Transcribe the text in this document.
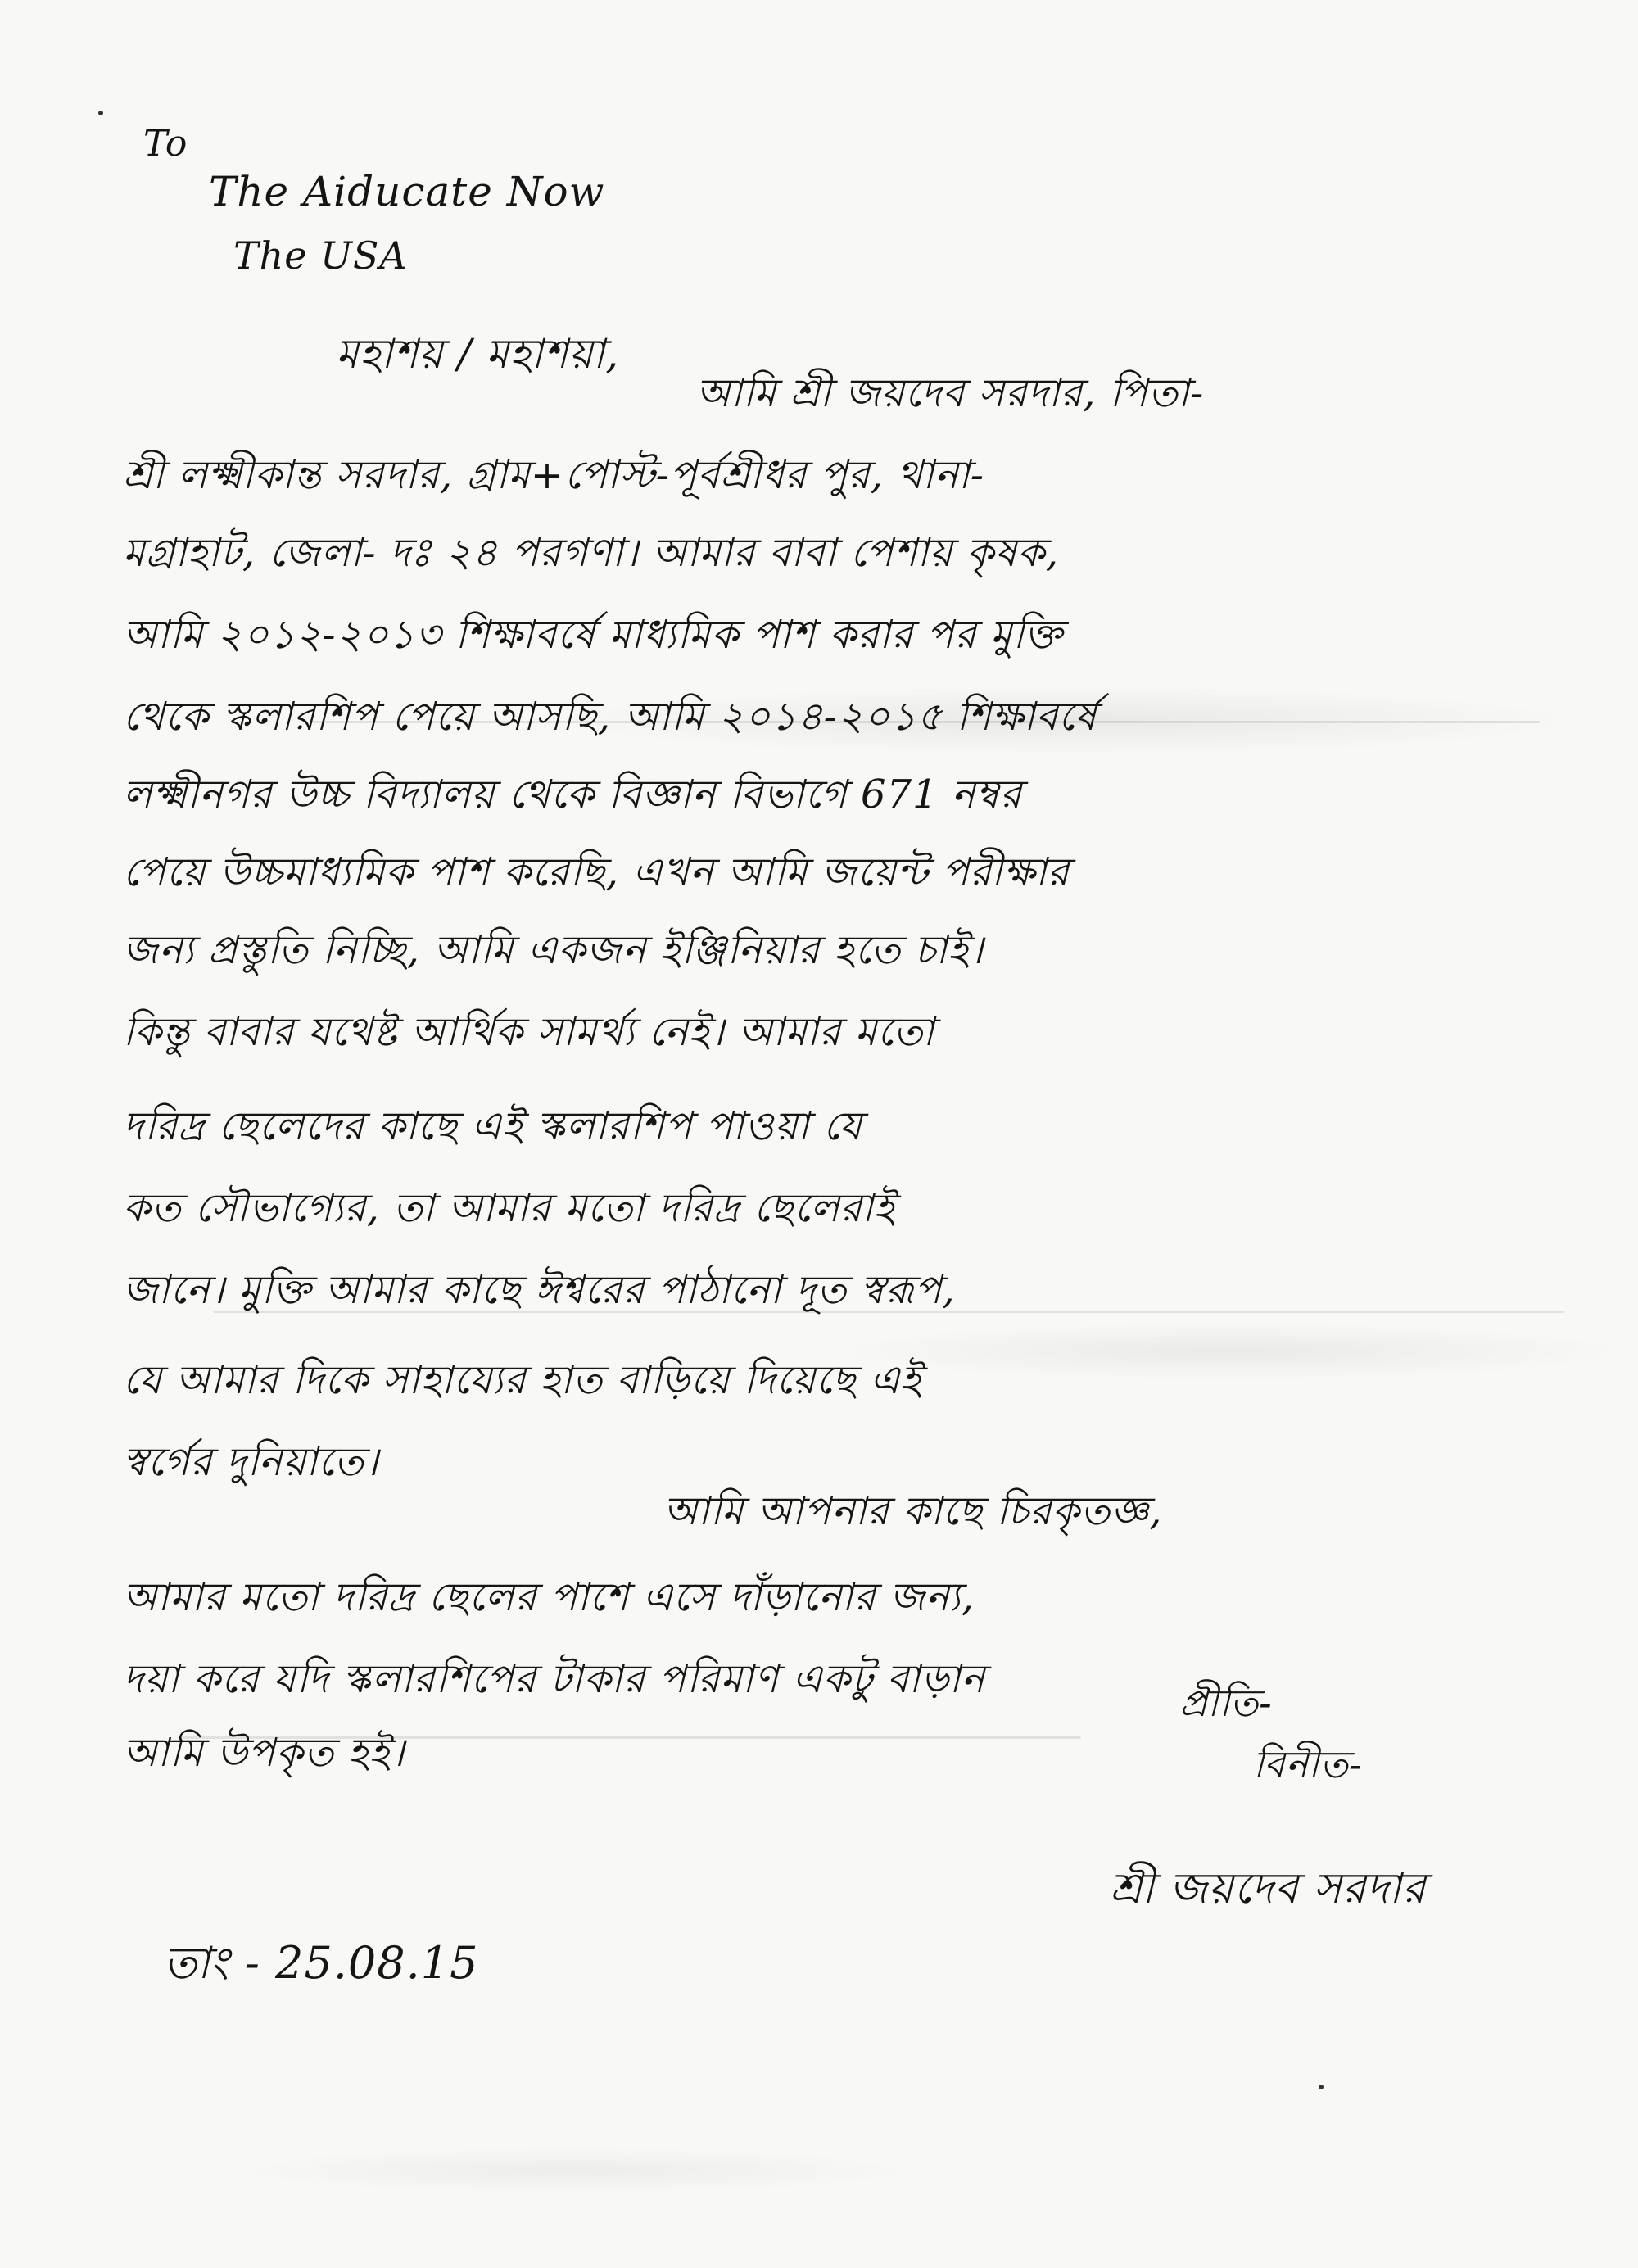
To

The Aiducate Now

The USA

মহাশয় / মহাশয়া,

আমি শ্রী জয়দেব সরদার, পিতা-
শ্রী লক্ষ্মীকান্ত সরদার, গ্রাম+পোস্ট-পূর্বশ্রীধর পুর, থানা-
মগ্রাহাট, জেলা- দঃ ২৪ পরগণা। আমার বাবা পেশায় কৃষক,
আমি ২০১২-২০১৩ শিক্ষাবর্ষে মাধ্যমিক পাশ করার পর মুক্তি
থেকে স্কলারশিপ পেয়ে আসছি, আমি ২০১৪-২০১৫ শিক্ষাবর্ষে
লক্ষ্মীনগর উচ্চ বিদ্যালয় থেকে বিজ্ঞান বিভাগে 671 নম্বর
পেয়ে উচ্চমাধ্যমিক পাশ করেছি, এখন আমি জয়েন্ট পরীক্ষার
জন্য প্রস্তুতি নিচ্ছি, আমি একজন ইঞ্জিনিয়ার হতে চাই।
কিন্তু বাবার যথেষ্ট আর্থিক সামর্থ্য নেই। আমার মতো
দরিদ্র ছেলেদের কাছে এই স্কলারশিপ পাওয়া যে
কত সৌভাগ্যের, তা আমার মতো দরিদ্র ছেলেরাই
জানে। মুক্তি আমার কাছে ঈশ্বরের পাঠানো দূত স্বরূপ,
যে আমার দিকে সাহায্যের হাত বাড়িয়ে দিয়েছে এই
স্বর্গের দুনিয়াতে।
আমি আপনার কাছে চিরকৃতজ্ঞ,
আমার মতো দরিদ্র ছেলের পাশে এসে দাঁড়ানোর জন্য,
দয়া করে যদি স্কলারশিপের টাকার পরিমাণ একটু বাড়ান
আমি উপকৃত হই।

প্রীতি-

বিনীত-

শ্রী জয়দেব সরদার

তাং - 25.08.15
